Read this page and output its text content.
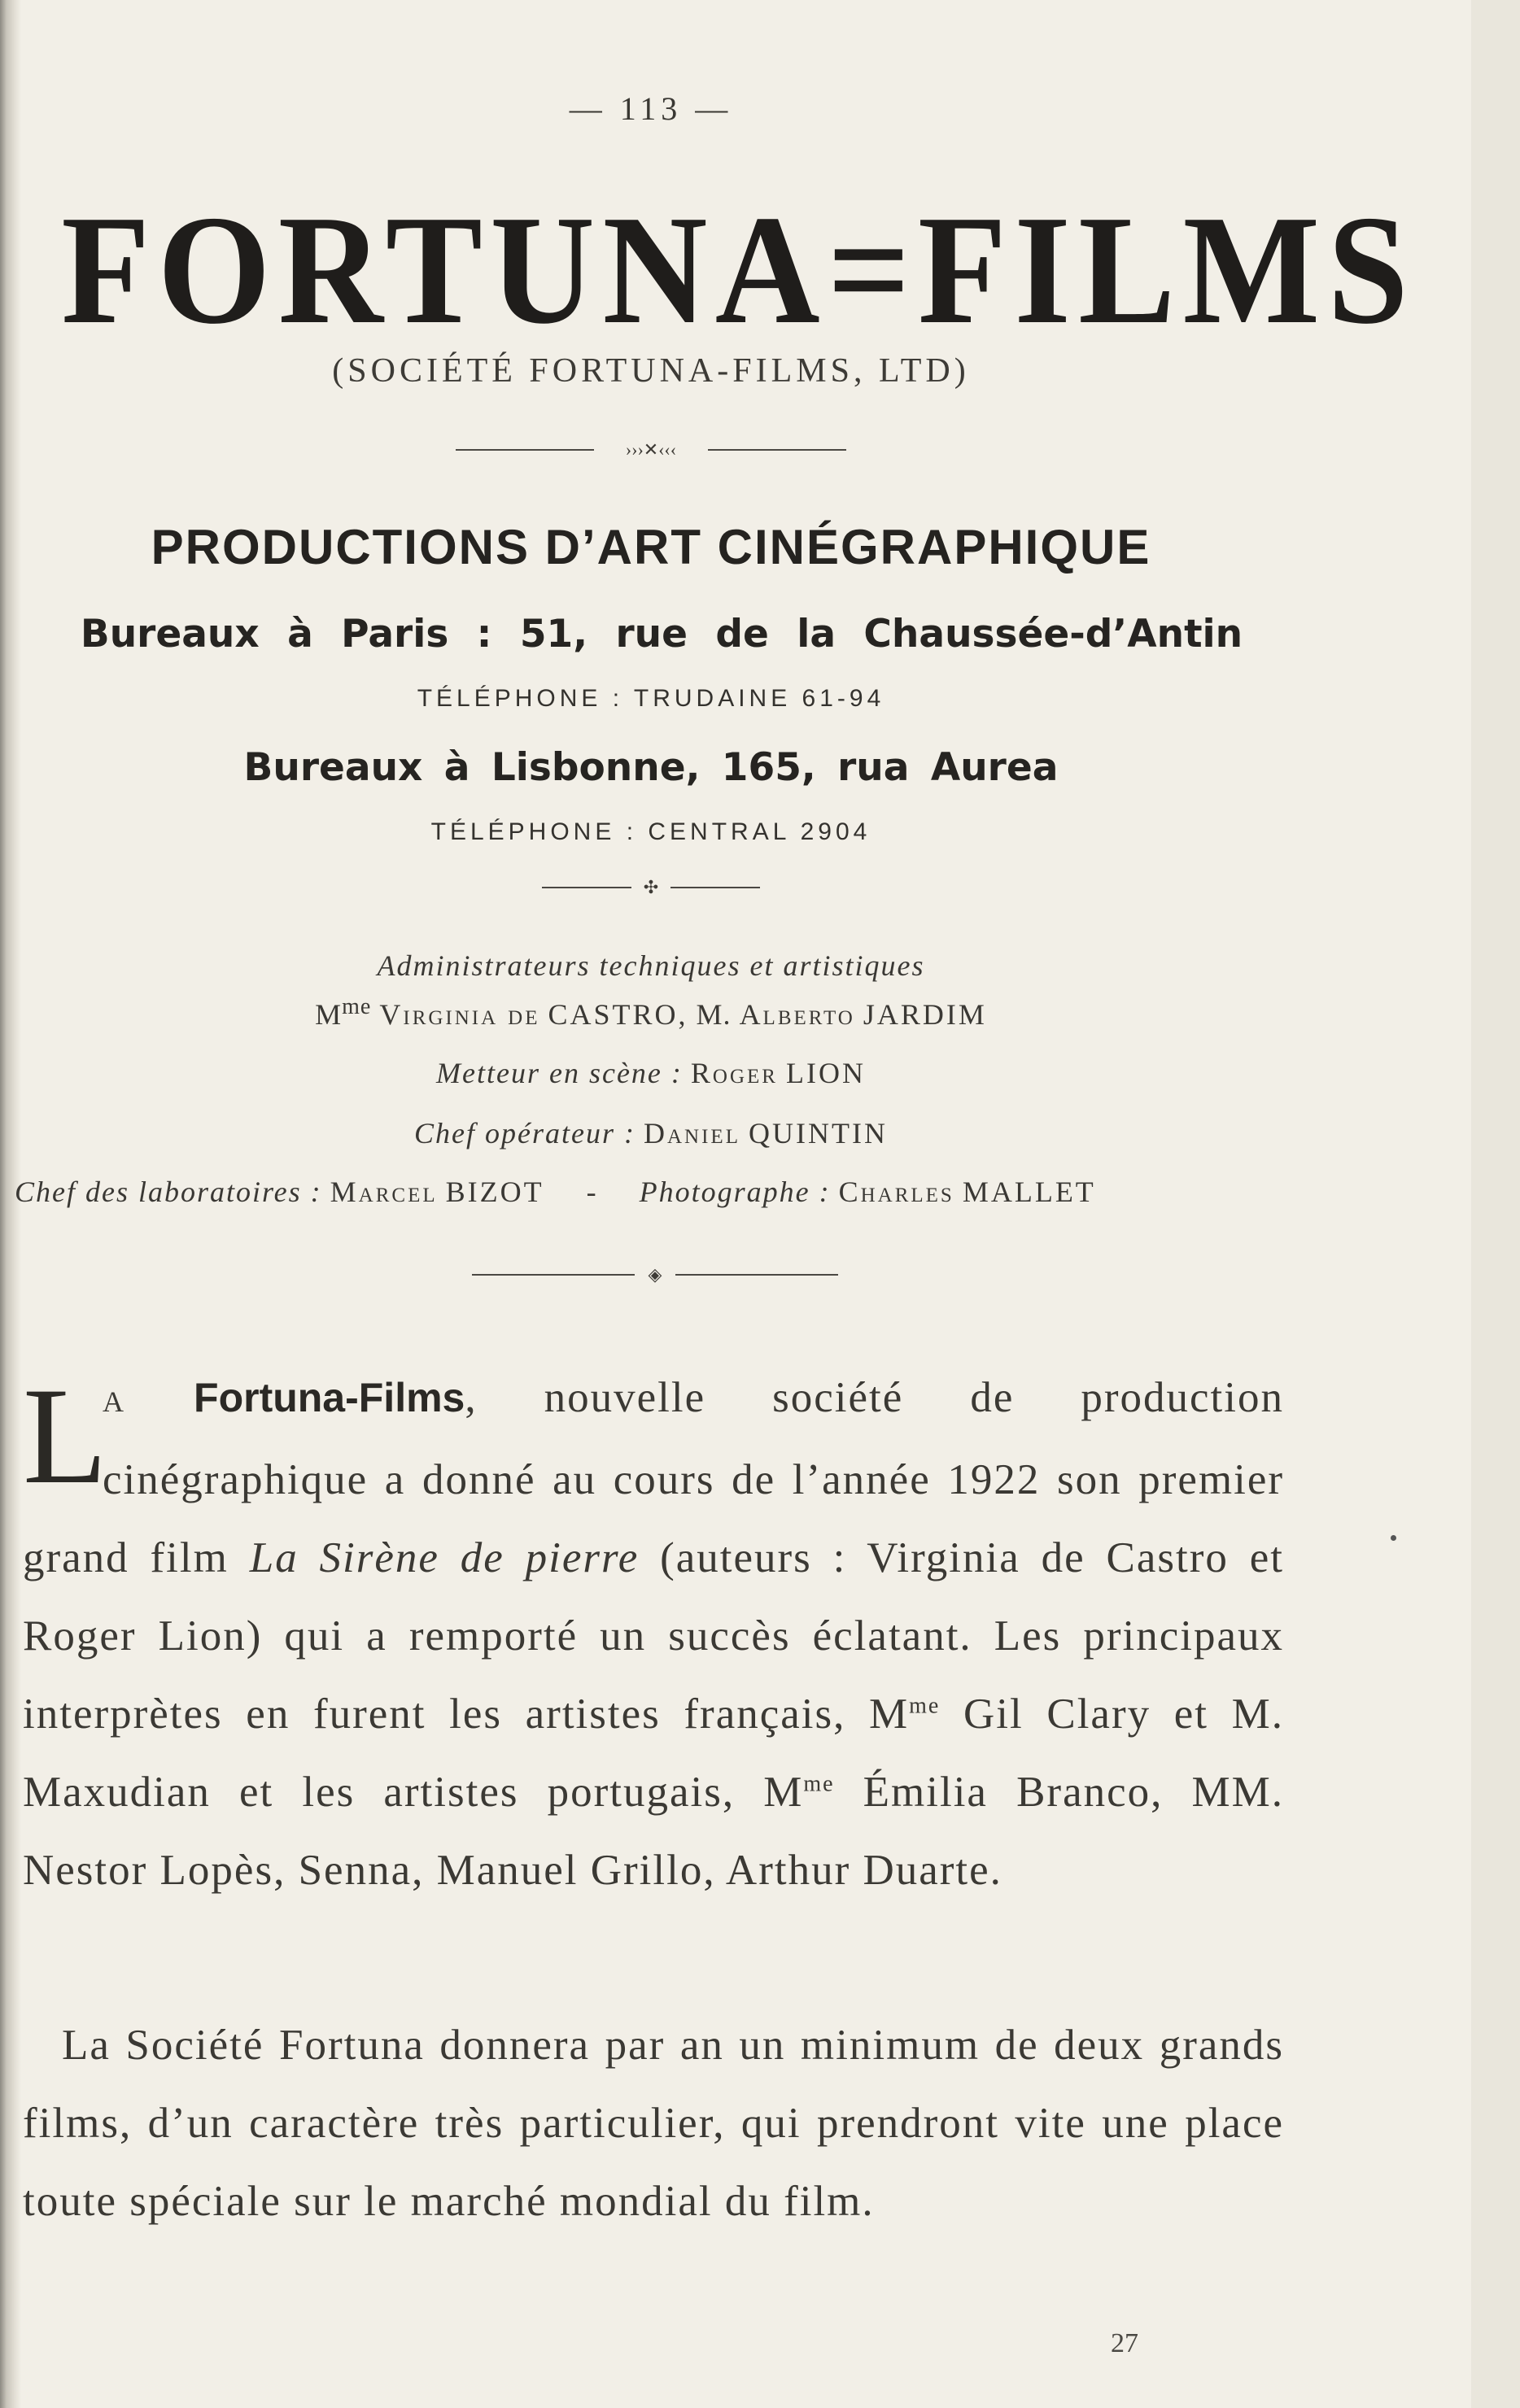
— 113 —
FORTUNA=FILMS
(SOCIÉTÉ FORTUNA-FILMS, LTD)
›››✕‹‹‹
PRODUCTIONS D’ART CINÉGRAPHIQUE
Bureaux à Paris : 51, rue de la Chaussée-d’Antin
TÉLÉPHONE : TRUDAINE 61-94
Bureaux à Lisbonne, 165, rua Aurea
TÉLÉPHONE : CENTRAL 2904
✣
Administrateurs techniques et artistiques
$M^{me}$ Virginia de CASTRO, M. Alberto JARDIM
Metteur en scène : Roger LION
Chef opérateur : Daniel QUINTIN
Chef des laboratoires : Marcel BIZOT - Photographe : Charles MALLET
◈
L
A Fortuna-Films, nouvelle société de production cinégraphique a donné au cours de l’année 1922 son premier grand film La Sirène de pierre (auteurs : Virginia de Castro et Roger Lion) qui a remporté un succès éclatant. Les principaux interprètes en furent les artistes français, $M^{me}$ Gil Clary et M. Maxudian et les artistes portugais, $M^{me}$ Émilia Branco, MM. Nestor Lopès, Senna, Manuel Grillo, Arthur Duarte.
La Société Fortuna donnera par an un minimum de deux grands films, d’un caractère très particulier, qui prendront vite une place toute spéciale sur le marché mondial du film.
27
